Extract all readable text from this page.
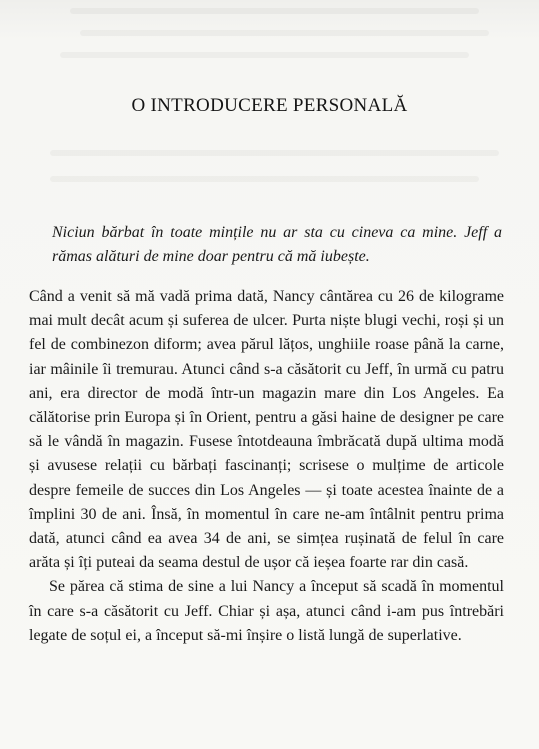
O INTRODUCERE PERSONALĂ

Niciun bărbat în toate mințile nu ar sta cu cineva ca mine. Jeff a rămas alături de mine doar pentru că mă iubește.

Când a venit să mă vadă prima dată, Nancy cântărea cu 26 de kilograme mai mult decât acum și suferea de ulcer. Purta niște blugi vechi, roși și un fel de combinezon diform; avea părul lățos, unghiile roase până la carne, iar mâinile îi tremurau. Atunci când s-a căsătorit cu Jeff, în urmă cu patru ani, era director de modă într-un magazin mare din Los Angeles. Ea călătorise prin Europa și în Orient, pentru a găsi haine de designer pe care să le vândă în magazin. Fusese întotdeauna îmbrăcată după ultima modă și avusese relații cu bărbați fascinanți; scrisese o mulțime de articole despre femeile de succes din Los Angeles — și toate acestea înainte de a împlini 30 de ani. Însă, în momentul în care ne-am întâlnit pentru prima dată, atunci când ea avea 34 de ani, se simțea rușinată de felul în care arăta și îți puteai da seama destul de ușor că ieșea foarte rar din casă.

Se părea că stima de sine a lui Nancy a început să scadă în momentul în care s-a căsătorit cu Jeff. Chiar și așa, atunci când i-am pus întrebări legate de soțul ei, a început să-mi înșire o listă lungă de superlative.
